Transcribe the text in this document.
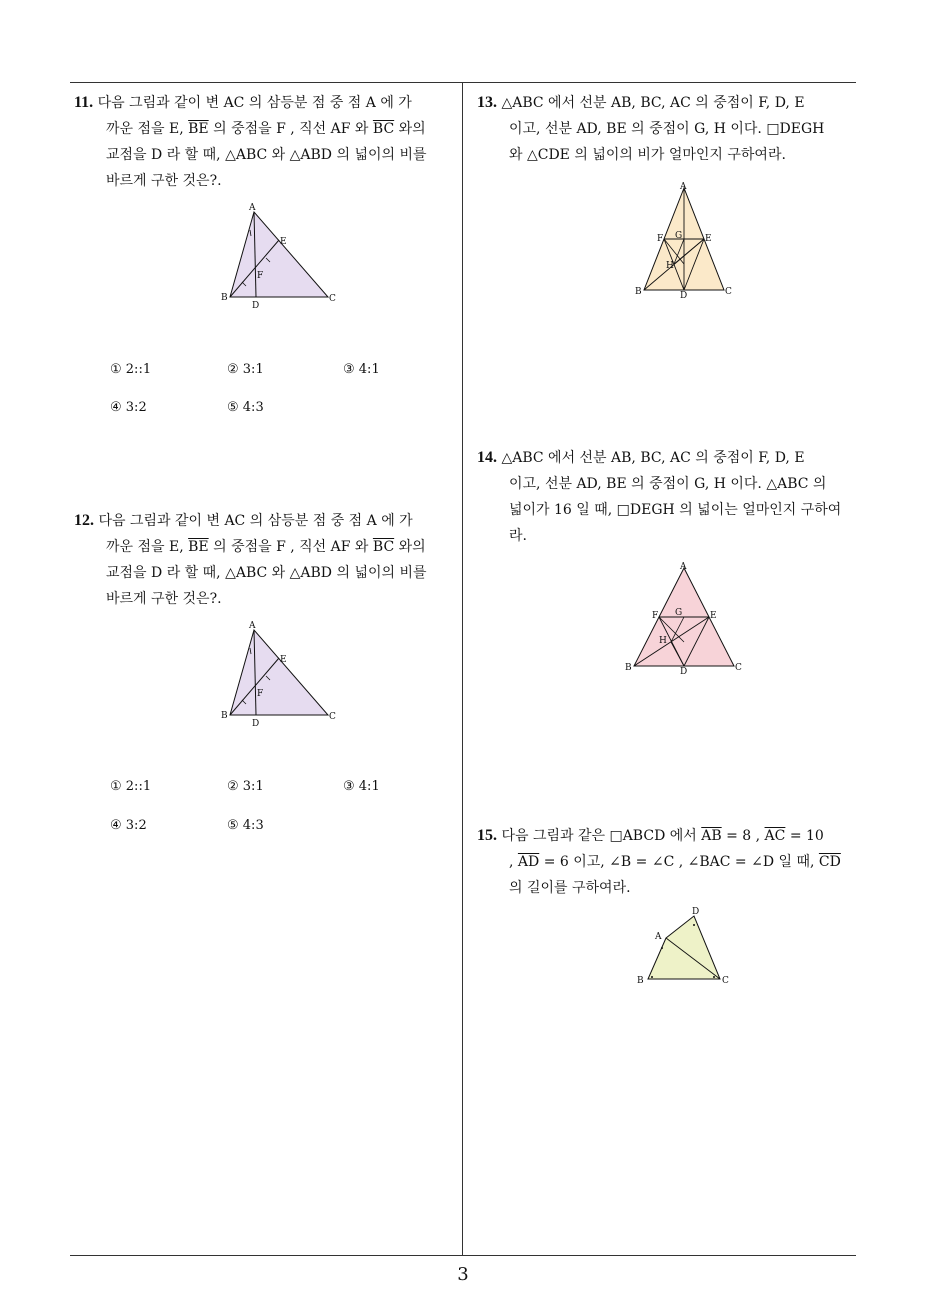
11. 다음 그림과 같이 변 AC 의 삼등분 점 중 점 A 에 가
까운 점을 E, $\overline{BE}$ 의 중점을 F , 직선 AF 와 $\overline{BC}$ 와의
교점을 D 라 할 때, △ABC 와 △ABD 의 넓이의 비를
바르게 구한 것은?.
A
B	C
D
E
F
① 2::1	② 3:1	③ 4:1
④ 3:2	⑤ 4:3
12. 다음 그림과 같이 변 AC 의 삼등분 점 중 점 A 에 가
까운 점을 E, $\overline{BE}$ 의 중점을 F , 직선 AF 와 $\overline{BC}$ 와의
교점을 D 라 할 때, △ABC 와 △ABD 의 넓이의 비를
바르게 구한 것은?.
A
B	C
D
E
F
① 2::1	② 3:1	③ 4:1
④ 3:2	⑤ 4:3
13. △ABC 에서 선분 AB, BC, AC 의 중점이 F, D, E
이고, 선분 AD, BE 의 중점이 G, H 이다. □DEGH
와 △CDE 의 넓이의 비가 얼마인지 구하여라.
A
B	C
D
E
F G
H
14. △ABC 에서 선분 AB, BC, AC 의 중점이 F, D, E
이고, 선분 AD, BE 의 중점이 G, H 이다. △ABC 의
넓이가 16 일 때, □DEGH 의 넓이는 얼마인지 구하여
라.
A
B	C
D
E
F G
H
15. 다음 그림과 같은 □ABCD 에서 $\overline{AB} = 8$ , $\overline{AC} = 10$
, $\overline{AD} = 6$ 이고, ∠B = ∠C , ∠BAC = ∠D 일 때, $\overline{CD}$
의 길이를 구하여라.
A
B	C
D
3
